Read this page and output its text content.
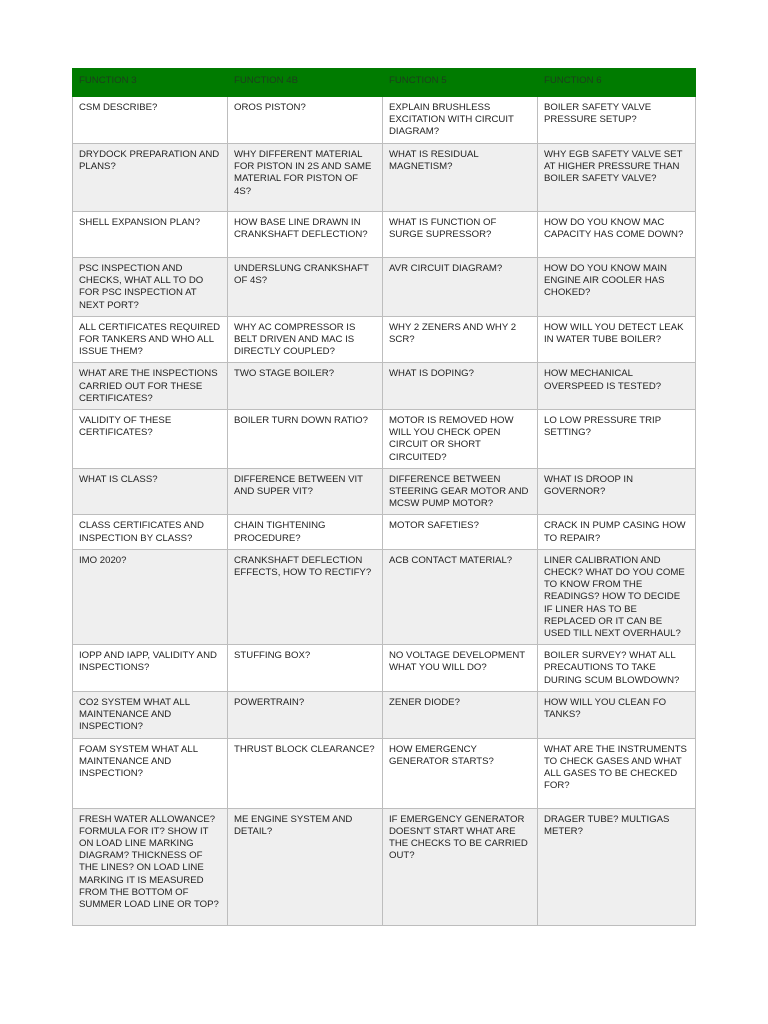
FUNCTION 3	FUNCTION 4B	FUNCTION 5	FUNCTION 6
CSM DESCRIBE?	OROS PISTON?	EXPLAIN BRUSHLESS EXCITATION WITH CIRCUIT DIAGRAM?	BOILER SAFETY VALVE PRESSURE SETUP?
DRYDOCK PREPARATION AND PLANS?	WHY DIFFERENT MATERIAL FOR PISTON IN 2S AND SAME MATERIAL FOR PISTON OF 4S?	WHAT IS RESIDUAL MAGNETISM?	WHY EGB SAFETY VALVE SET AT HIGHER PRESSURE THAN BOILER SAFETY VALVE?
SHELL EXPANSION PLAN?	HOW BASE LINE DRAWN IN CRANKSHAFT DEFLECTION?	WHAT IS FUNCTION OF SURGE SUPRESSOR?	HOW DO YOU KNOW MAC CAPACITY HAS COME DOWN?
PSC INSPECTION AND CHECKS, WHAT ALL TO DO FOR PSC INSPECTION AT NEXT PORT?	UNDERSLUNG CRANKSHAFT OF 4S?	AVR CIRCUIT DIAGRAM?	HOW DO YOU KNOW MAIN ENGINE AIR COOLER HAS CHOKED?
ALL CERTIFICATES REQUIRED FOR TANKERS AND WHO ALL ISSUE THEM?	WHY AC COMPRESSOR IS BELT DRIVEN AND MAC IS DIRECTLY COUPLED?	WHY 2 ZENERS AND WHY 2 SCR?	HOW WILL YOU DETECT LEAK IN WATER TUBE BOILER?
WHAT ARE THE INSPECTIONS CARRIED OUT FOR THESE CERTIFICATES?	TWO STAGE BOILER?	WHAT IS DOPING?	HOW MECHANICAL OVERSPEED IS TESTED?
VALIDITY OF THESE CERTIFICATES?	BOILER TURN DOWN RATIO?	MOTOR IS REMOVED HOW WILL YOU CHECK OPEN CIRCUIT OR SHORT CIRCUITED?	LO LOW PRESSURE TRIP SETTING?
WHAT IS CLASS?	DIFFERENCE BETWEEN VIT AND SUPER VIT?	DIFFERENCE BETWEEN STEERING GEAR MOTOR AND MCSW PUMP MOTOR?	WHAT IS DROOP IN GOVERNOR?
CLASS CERTIFICATES AND INSPECTION BY CLASS?	CHAIN TIGHTENING PROCEDURE?	MOTOR SAFETIES?	CRACK IN PUMP CASING HOW TO REPAIR?
IMO 2020?	CRANKSHAFT DEFLECTION EFFECTS, HOW TO RECTIFY?	ACB CONTACT MATERIAL?	LINER CALIBRATION AND CHECK? WHAT DO YOU COME TO KNOW FROM THE READINGS? HOW TO DECIDE IF LINER HAS TO BE REPLACED OR IT CAN BE USED TILL NEXT OVERHAUL?
IOPP AND IAPP, VALIDITY AND INSPECTIONS?	STUFFING BOX?	NO VOLTAGE DEVELOPMENT WHAT YOU WILL DO?	BOILER SURVEY? WHAT ALL PRECAUTIONS TO TAKE DURING SCUM BLOWDOWN?
CO2 SYSTEM WHAT ALL MAINTENANCE AND INSPECTION?	POWERTRAIN?	ZENER DIODE?	HOW WILL YOU CLEAN FO TANKS?
FOAM SYSTEM WHAT ALL MAINTENANCE AND INSPECTION?	THRUST BLOCK CLEARANCE?	HOW EMERGENCY GENERATOR STARTS?	WHAT ARE THE INSTRUMENTS TO CHECK GASES AND WHAT ALL GASES TO BE CHECKED FOR?
FRESH WATER ALLOWANCE? FORMULA FOR IT? SHOW IT ON LOAD LINE MARKING DIAGRAM? THICKNESS OF THE LINES? ON LOAD LINE MARKING IT IS MEASURED FROM THE BOTTOM OF SUMMER LOAD LINE OR TOP?	ME ENGINE SYSTEM AND DETAIL?	IF EMERGENCY GENERATOR DOESN'T START WHAT ARE THE CHECKS TO BE CARRIED OUT?	DRAGER TUBE? MULTIGAS METER?
